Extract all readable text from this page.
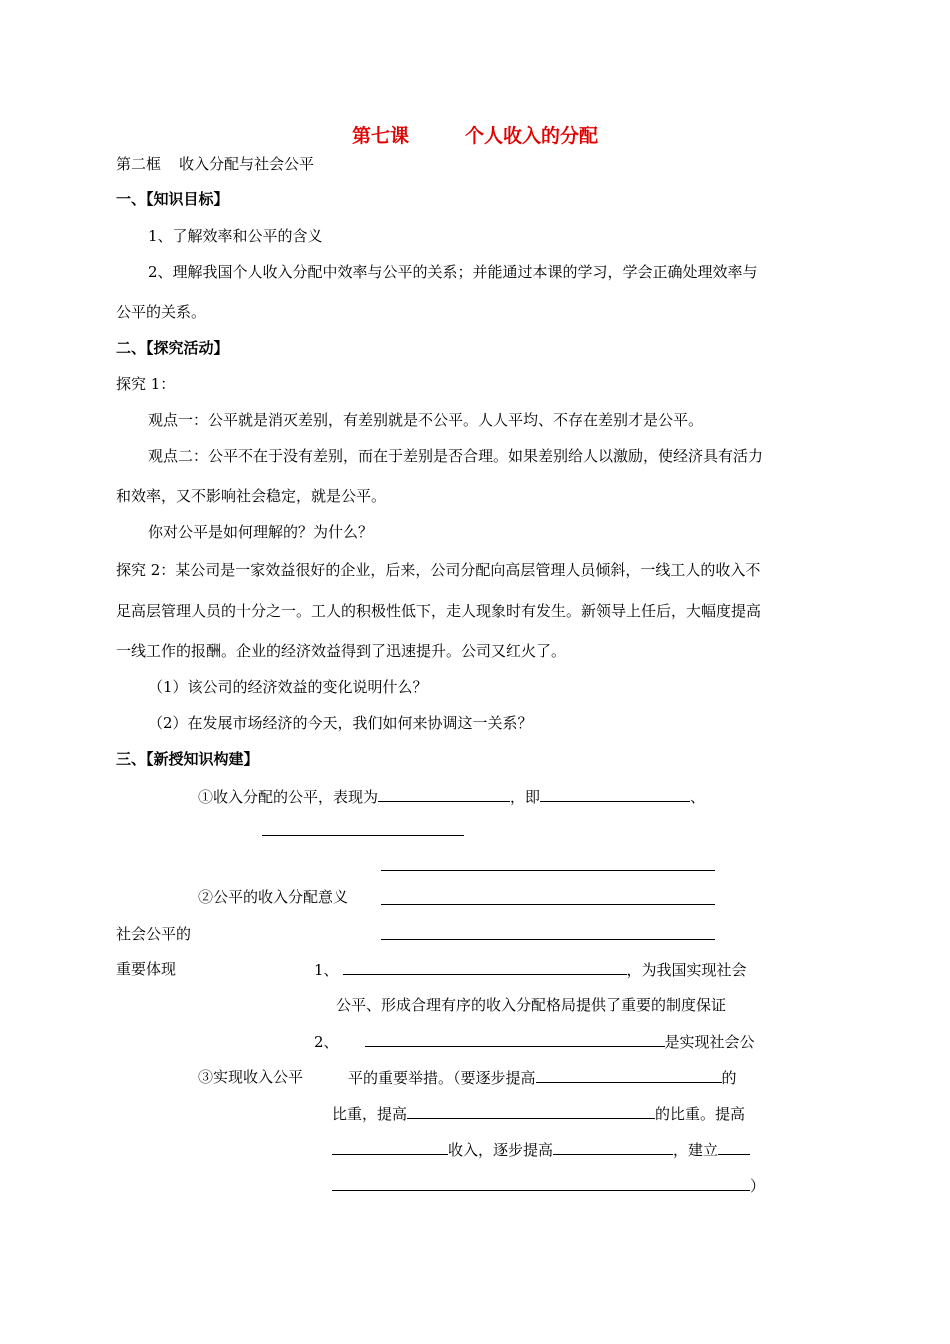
第七课	个人收入的分配
第二框 收入分配与社会公平
一、【知识目标】
1、了解效率和公平的含义
2、理解我国个人收入分配中效率与公平的关系；并能通过本课的学习，学会正确处理效率与
公平的关系。
二、【探究活动】
探究 1：
观点一：公平就是消灭差别，有差别就是不公平。人人平均、不存在差别才是公平。
观点二：公平不在于没有差别，而在于差别是否合理。如果差别给人以激励，使经济具有活力
和效率，又不影响社会稳定，就是公平。
你对公平是如何理解的？为什么？
探究 2：某公司是一家效益很好的企业，后来，公司分配向高层管理人员倾斜，一线工人的收入不
足高层管理人员的十分之一。工人的积极性低下，走人现象时有发生。新领导上任后，大幅度提高
一线工作的报酬。企业的经济效益得到了迅速提升。公司又红火了。
（1）该公司的经济效益的变化说明什么？
（2）在发展市场经济的今天，我们如何来协调这一关系？
三、【新授知识构建】
①收入分配的公平，表现为	，即	、
②公平的收入分配意义
社会公平的
重要体现	1、	，为我国实现社会
公平、形成合理有序的收入分配格局提供了重要的制度保证
2、	是实现社会公
③实现收入公平	平的重要举措。（要逐步提高	的
比重，提高	的比重。提高
收入，逐步提高	，建立
）
